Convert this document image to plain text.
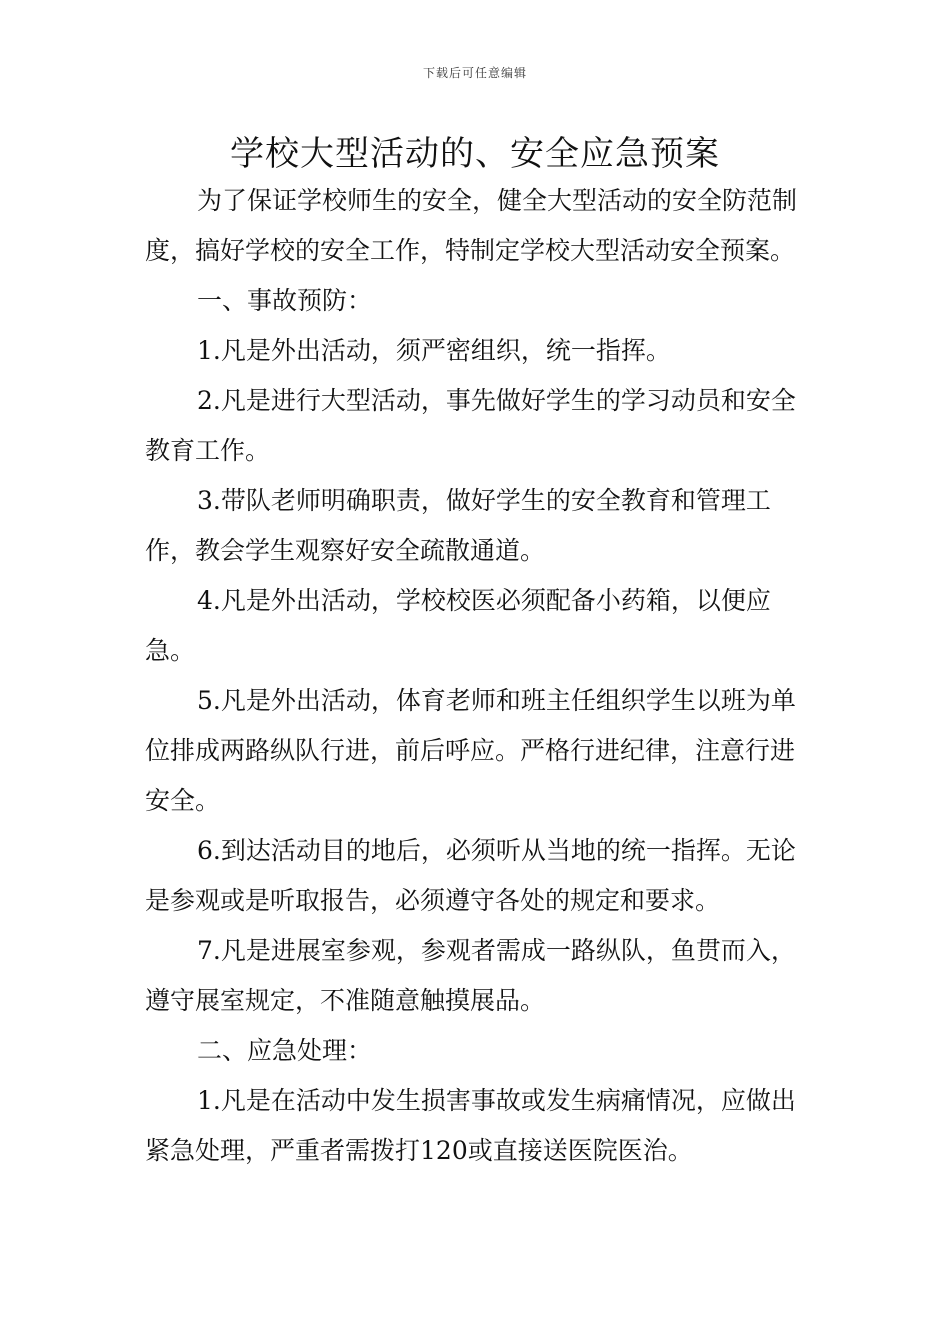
下载后可任意编辑
学校大型活动的、安全应急预案

为了保证学校师生的安全，健全大型活动的安全防范制度，搞好学校的安全工作，特制定学校大型活动安全预案。

一、事故预防：

1.凡是外出活动，须严密组织，统一指挥。

2.凡是进行大型活动，事先做好学生的学习动员和安全教育工作。

3.带队老师明确职责，做好学生的安全教育和管理工作，教会学生观察好安全疏散通道。

4.凡是外出活动，学校校医必须配备小药箱，以便应急。

5.凡是外出活动，体育老师和班主任组织学生以班为单位排成两路纵队行进，前后呼应。严格行进纪律，注意行进安全。

6.到达活动目的地后，必须听从当地的统一指挥。无论是参观或是听取报告，必须遵守各处的规定和要求。

7.凡是进展室参观，参观者需成一路纵队，鱼贯而入，遵守展室规定，不准随意触摸展品。

二、应急处理：

1.凡是在活动中发生损害事故或发生病痛情况，应做出紧急处理，严重者需拨打120或直接送医院医治。
